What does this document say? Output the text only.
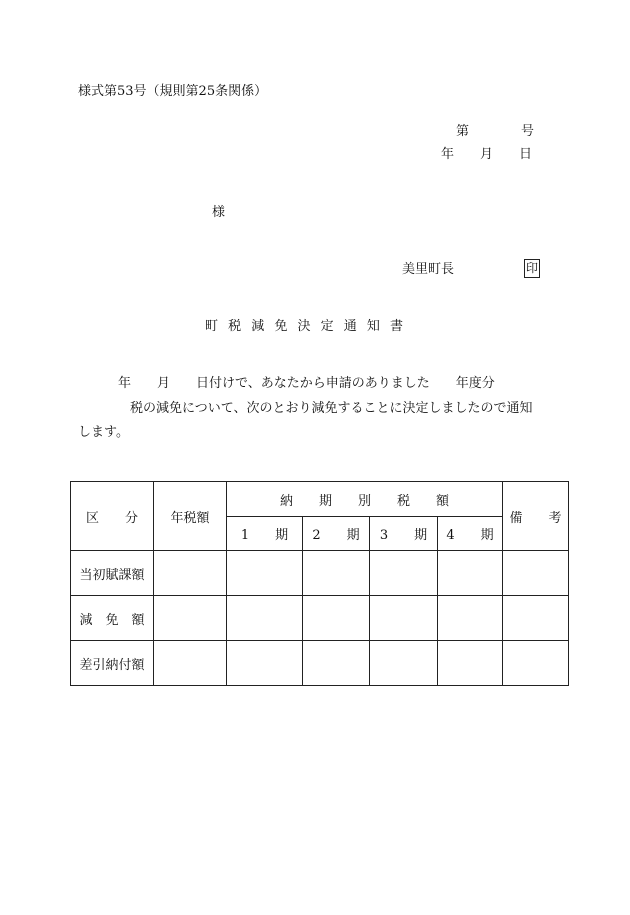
様式第53号（規則第25条関係）
第　　　　号
年　　月　　日
様
美里町長	印
町 税 減 免 決 定 通 知 書
年　　月　　日付けで、あなたから申請のありました　　年度分
税の減免について、次のとおり減免することに決定しましたので通知
します。
区　　分	年税額	納　　期　　別　　税　　額				備　　考
		1　　期	2　　期	3　　期	4　　期	
当初賦課額						
減　免　額						
差引納付額						
